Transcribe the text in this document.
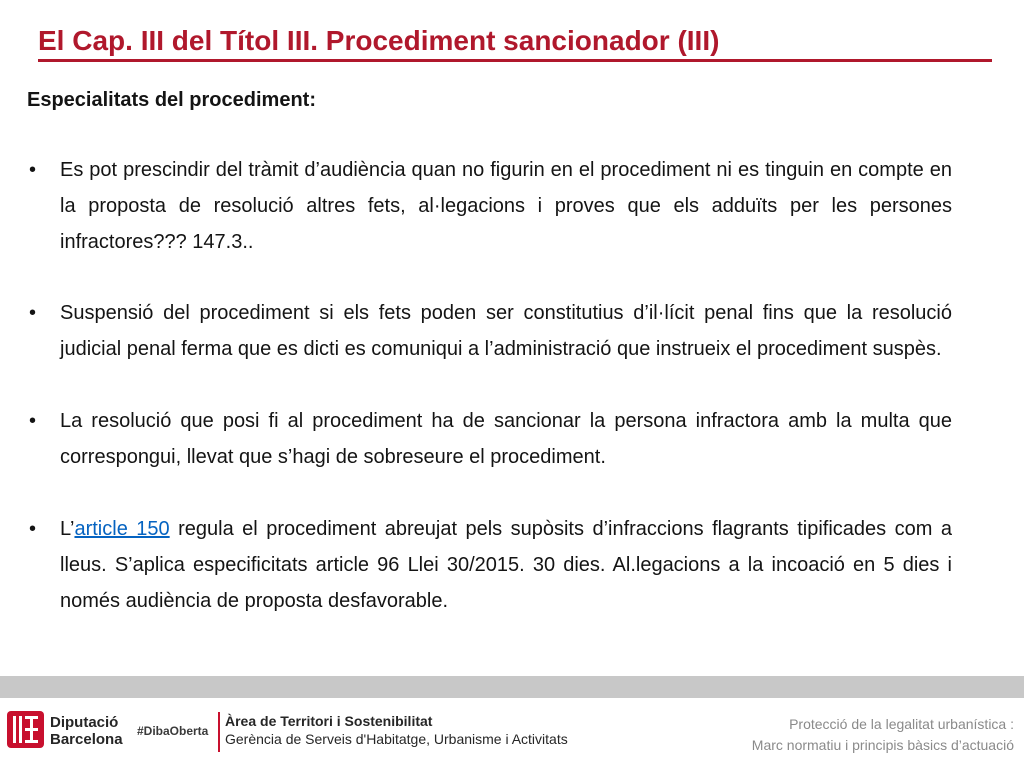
El Cap. III del Títol III. Procediment sancionador (III)
Especialitats del procediment:
• Es pot prescindir del tràmit d’audiència quan no figurin en el procediment ni es tinguin en compte en la proposta de resolució altres fets, al·legacions i proves que els adduïts per les persones infractores??? 147.3..

• Suspensió del procediment si els fets poden ser constitutius d’il·lícit penal fins que la resolució judicial penal ferma que es dicti es comuniqui a l’administració que instrueix el procediment suspès.

• La resolució que posi fi al procediment ha de sancionar la persona infractora amb la multa que correspongui, llevat que s’hagi de sobreseure el procediment.

• L’article 150 regula el procediment abreujat pels supòsits d’infraccions flagrants tipificades com a lleus. S’aplica especificitats article 96 Llei 30/2015. 30 dies. Al.legacions a la incoació en 5 dies i només audiència de proposta desfavorable.

Diputació
Barcelona #DibaOberta
Àrea de Territori i Sostenibilitat
Gerència de Serveis d'Habitatge, Urbanisme i Activitats
Protecció de la legalitat urbanística :
Marc normatiu i principis bàsics d’actuació
